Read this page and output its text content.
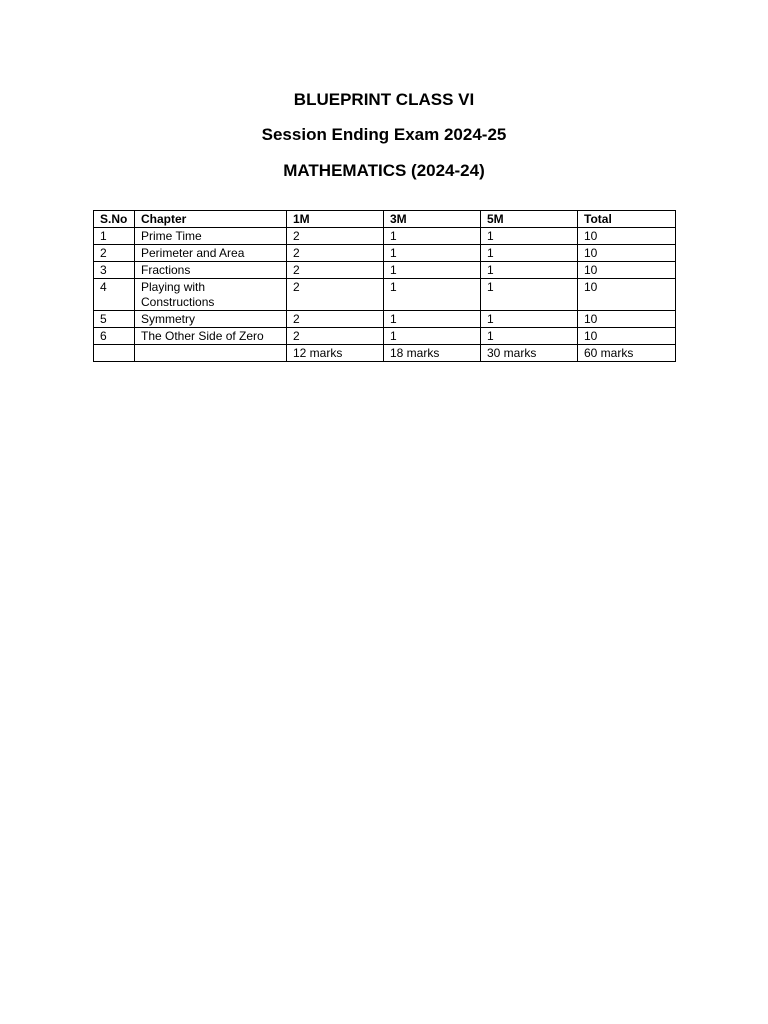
BLUEPRINT CLASS VI
Session Ending Exam 2024-25
MATHEMATICS (2024-24)
S.No	Chapter	1M	3M	5M	Total
1	Prime Time	2	1	1	10
2	Perimeter and Area	2	1	1	10
3	Fractions	2	1	1	10
4	Playing with Constructions	2	1	1	10
5	Symmetry	2	1	1	10
6	The Other Side of Zero	2	1	1	10
		12 marks	18 marks	30 marks	60 marks
